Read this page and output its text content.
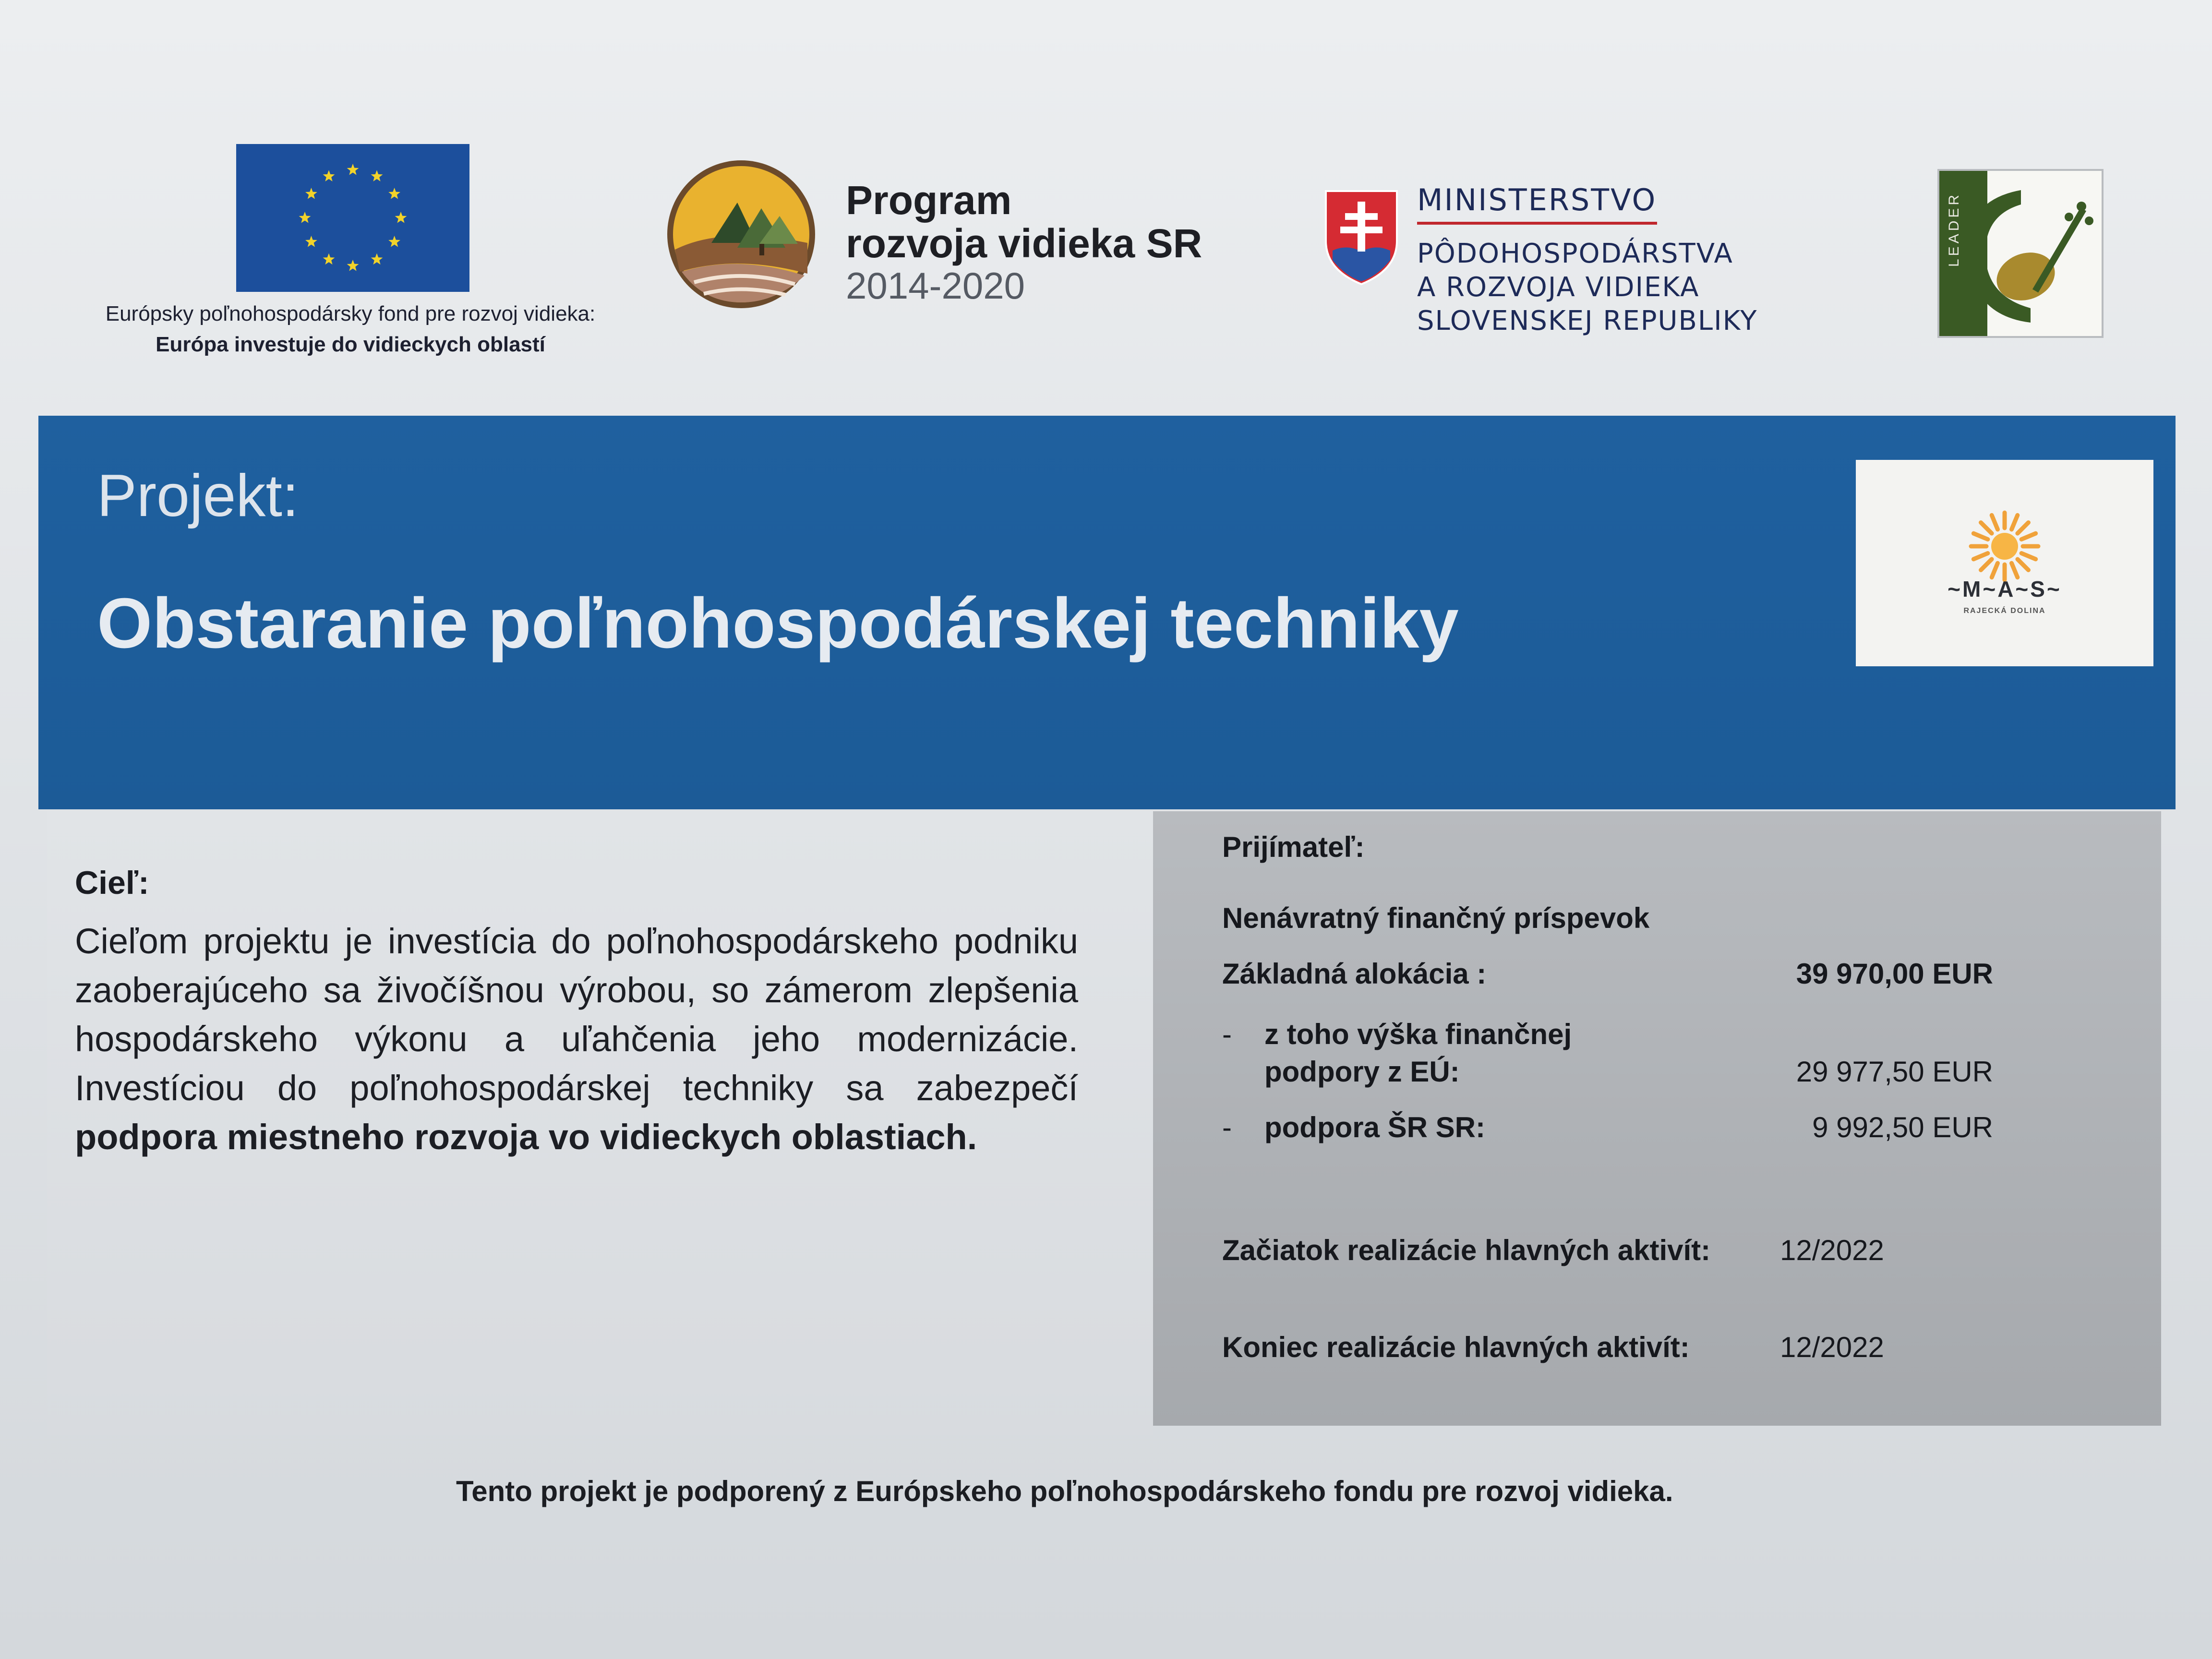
Európsky poľnohospodársky fond pre rozvoj vidieka:
Európa investuje do vidieckych oblastí
Program
rozvoja vidieka SR
2014-2020
MINISTERSTVO
PÔDOHOSPODÁRSTVA
A ROZVOJA VIDIEKA
SLOVENSKEJ REPUBLIKY
LEADER
Projekt:
Obstaranie poľnohospodárskej techniky	~M~A~S~
RAJECKÁ DOLINA
Cieľ:
Cieľom projektu je investícia do poľnohospodárskeho podniku zaoberajúceho sa živočíšnou výrobou, so zámerom zlepšenia hospodárskeho výkonu a uľahčenia jeho modernizácie. Investíciou do poľnohospodárskej techniky sa zabezpečí podpora miestneho rozvoja vo vidieckych oblastiach.
Prijímateľ:
Nenávratný finančný príspevok
Základná alokácia :	39 970,00 EUR
- z toho výška finančnej
podpory z EÚ:	29 977,50 EUR
- podpora ŠR SR:	9 992,50 EUR
Začiatok realizácie hlavných aktivít: 12/2022
Koniec realizácie hlavných aktivít:	12/2022
Tento projekt je podporený z Európskeho poľnohospodárskeho fondu pre rozvoj vidieka.
